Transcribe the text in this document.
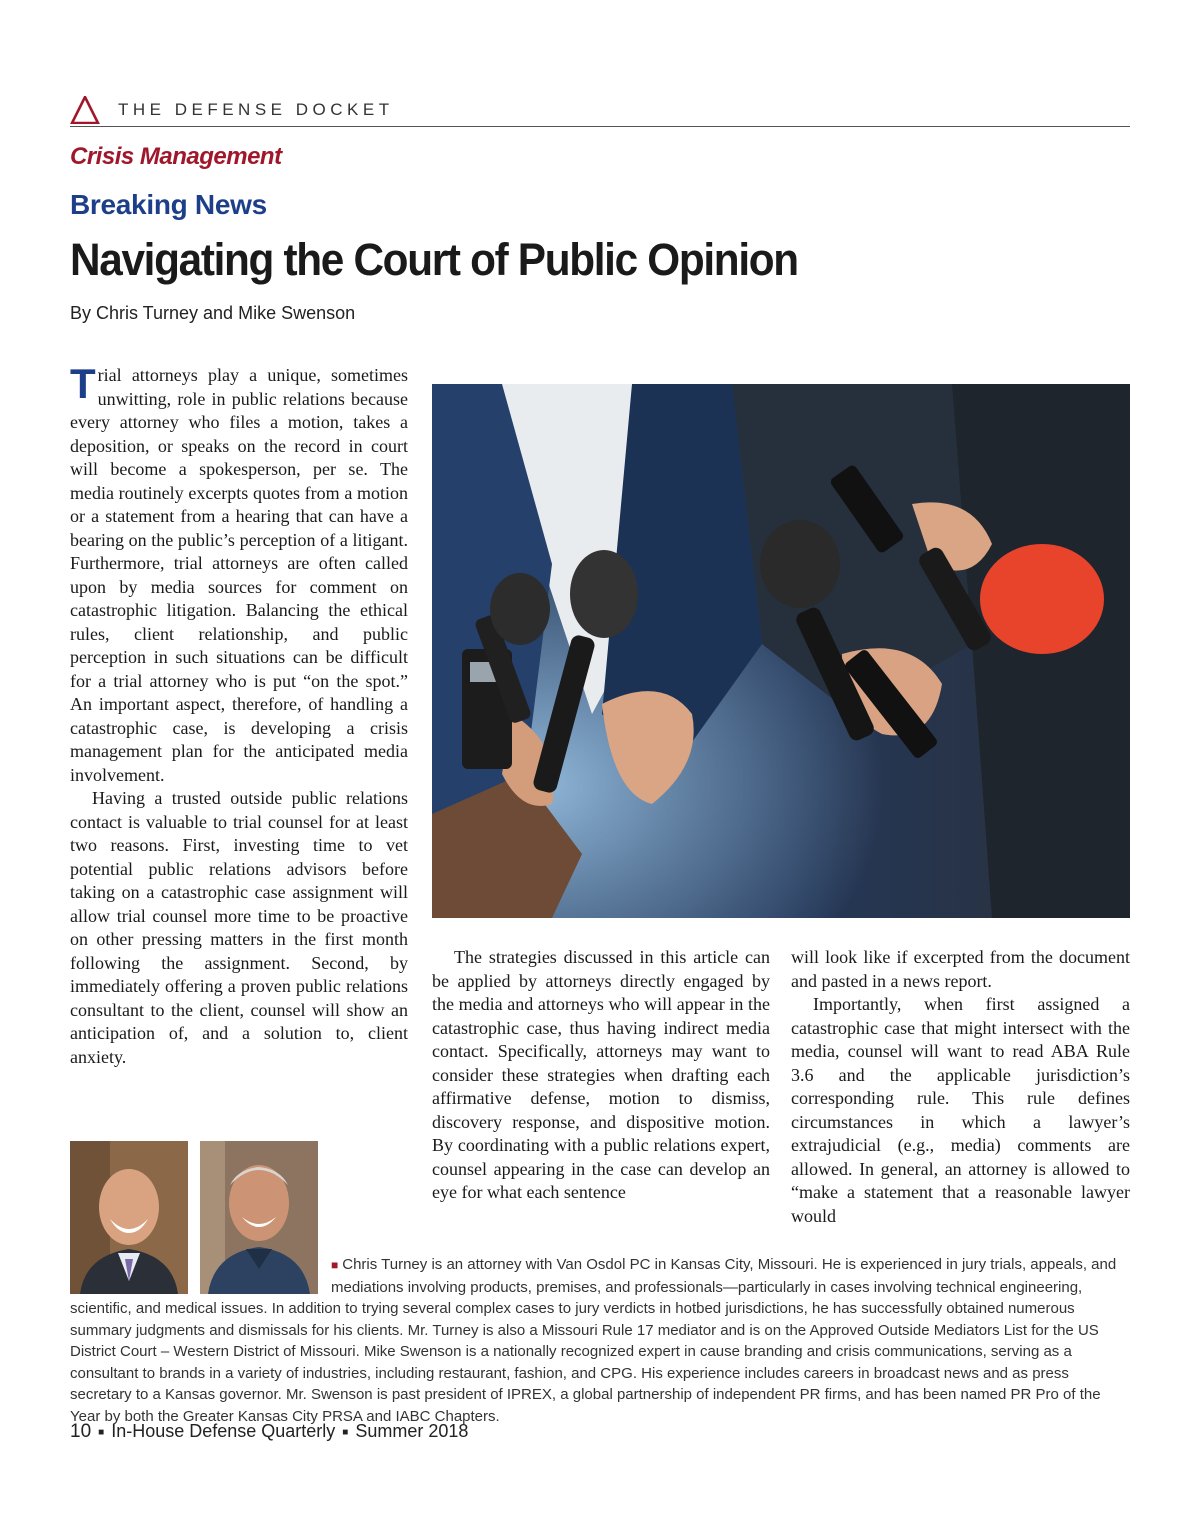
THE DEFENSE DOCKET
Crisis Management
Breaking News
Navigating the Court of Public Opinion
By Chris Turney and Mike Swenson

Trial attorneys play a unique, sometimes unwitting, role in public relations because every attorney who files a motion, takes a deposition, or speaks on the record in court will become a spokesperson, per se. The media routinely excerpts quotes from a motion or a statement from a hearing that can have a bearing on the public’s perception of a litigant. Furthermore, trial attorneys are often called upon by media sources for comment on catastrophic litigation. Balancing the ethical rules, client relationship, and public perception in such situations can be difficult for a trial attorney who is put “on the spot.” An important aspect, therefore, of handling a catastrophic case, is developing a crisis management plan for the anticipated media involvement.

Having a trusted outside public relations contact is valuable to trial counsel for at least two reasons. First, investing time to vet potential public relations advisors before taking on a catastrophic case assignment will allow trial counsel more time to be proactive on other pressing matters in the first month following the assignment. Second, by immediately offering a proven public relations consultant to the client, counsel will show an anticipation of, and a solution to, client anxiety.

The strategies discussed in this article can be applied by attorneys directly engaged by the media and attorneys who will appear in the catastrophic case, thus having indirect media contact. Specifically, attorneys may want to consider these strategies when drafting each affirmative defense, motion to dismiss, discovery response, and dispositive motion. By coordinating with a public relations expert, counsel appearing in the case can develop an eye for what each sentence

will look like if excerpted from the document and pasted in a news report.

Importantly, when first assigned a catastrophic case that might intersect with the media, counsel will want to read ABA Rule 3.6 and the applicable jurisdiction’s corresponding rule. This rule defines circumstances in which a lawyer’s extrajudicial (e.g., media) comments are allowed. In general, an attorney is allowed to “make a statement that a reasonable lawyer would

■ Chris Turney is an attorney with Van Osdol PC in Kansas City, Missouri. He is experienced in jury trials, appeals, and mediations involving products, premises, and professionals—particularly in cases involving technical engineering, scientific, and medical issues. In addition to trying several complex cases to jury verdicts in hotbed jurisdictions, he has successfully obtained numerous summary judgments and dismissals for his clients. Mr. Turney is also a Missouri Rule 17 mediator and is on the Approved Outside Mediators List for the US District Court – Western District of Missouri. Mike Swenson is a nationally recognized expert in cause branding and crisis communications, serving as a consultant to brands in a variety of industries, including restaurant, fashion, and CPG. His experience includes careers in broadcast news and as press secretary to a Kansas governor. Mr. Swenson is past president of IPREX, a global partnership of independent PR firms, and has been named PR Pro of the Year by both the Greater Kansas City PRSA and IABC Chapters.
10 ■ In-House Defense Quarterly ■ Summer 2018
